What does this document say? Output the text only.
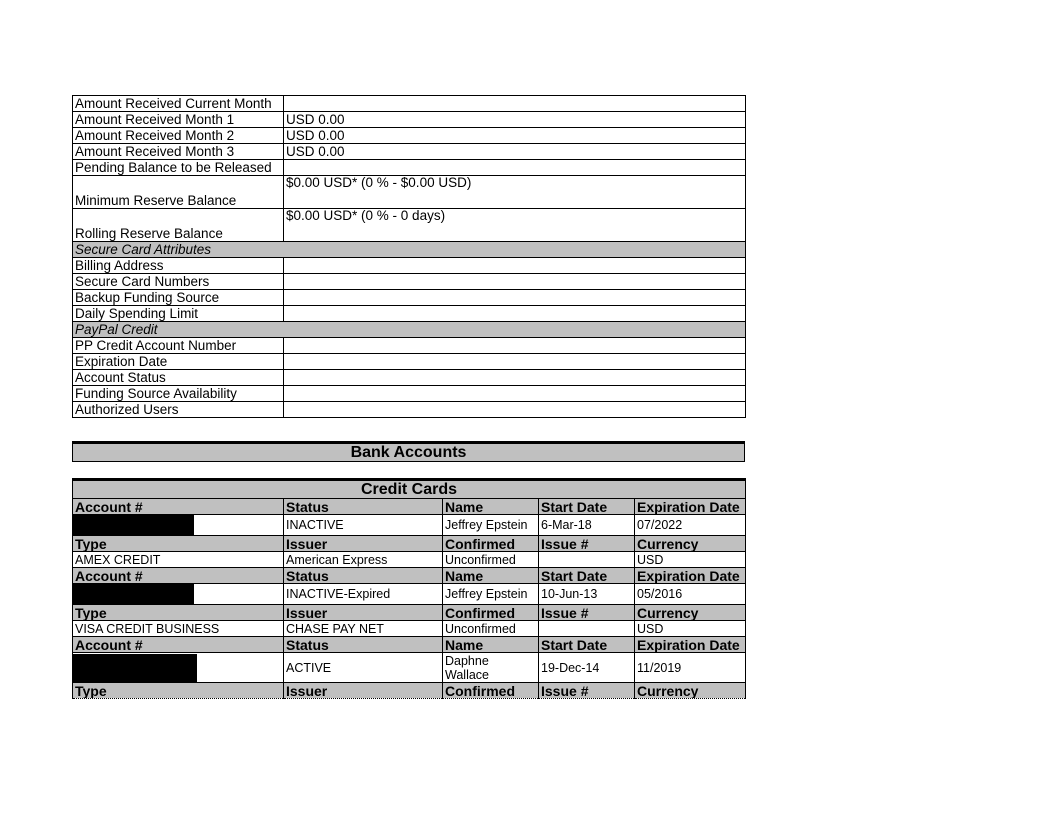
Amount Received Current Month	
Amount Received Month 1	USD 0.00
Amount Received Month 2	USD 0.00
Amount Received Month 3	USD 0.00
Pending Balance to be Released	
Minimum Reserve Balance	$0.00 USD* (0 % - $0.00 USD)
Rolling Reserve Balance	$0.00 USD* (0 % - 0 days)
Secure Card Attributes	
Billing Address	
Secure Card Numbers	
Backup Funding Source	
Daily Spending Limit	
PayPal Credit	
PP Credit Account Number	
Expiration Date	
Account Status	
Funding Source Availability	
Authorized Users	
Bank Accounts
Credit Cards				
Account #	Status	Name	Start Date	Expiration Date
	INACTIVE	Jeffrey Epstein	6-Mar-18	07/2022
Type	Issuer	Confirmed	Issue #	Currency
AMEX CREDIT	American Express	Unconfirmed		USD
Account #	Status	Name	Start Date	Expiration Date
	INACTIVE-Expired	Jeffrey Epstein	10-Jun-13	05/2016
Type	Issuer	Confirmed	Issue #	Currency
VISA CREDIT BUSINESS	CHASE PAY NET	Unconfirmed		USD
Account #	Status	Name	Start Date	Expiration Date
	ACTIVE	Daphne Wallace	19-Dec-14	11/2019
Type	Issuer	Confirmed	Issue #	Currency
